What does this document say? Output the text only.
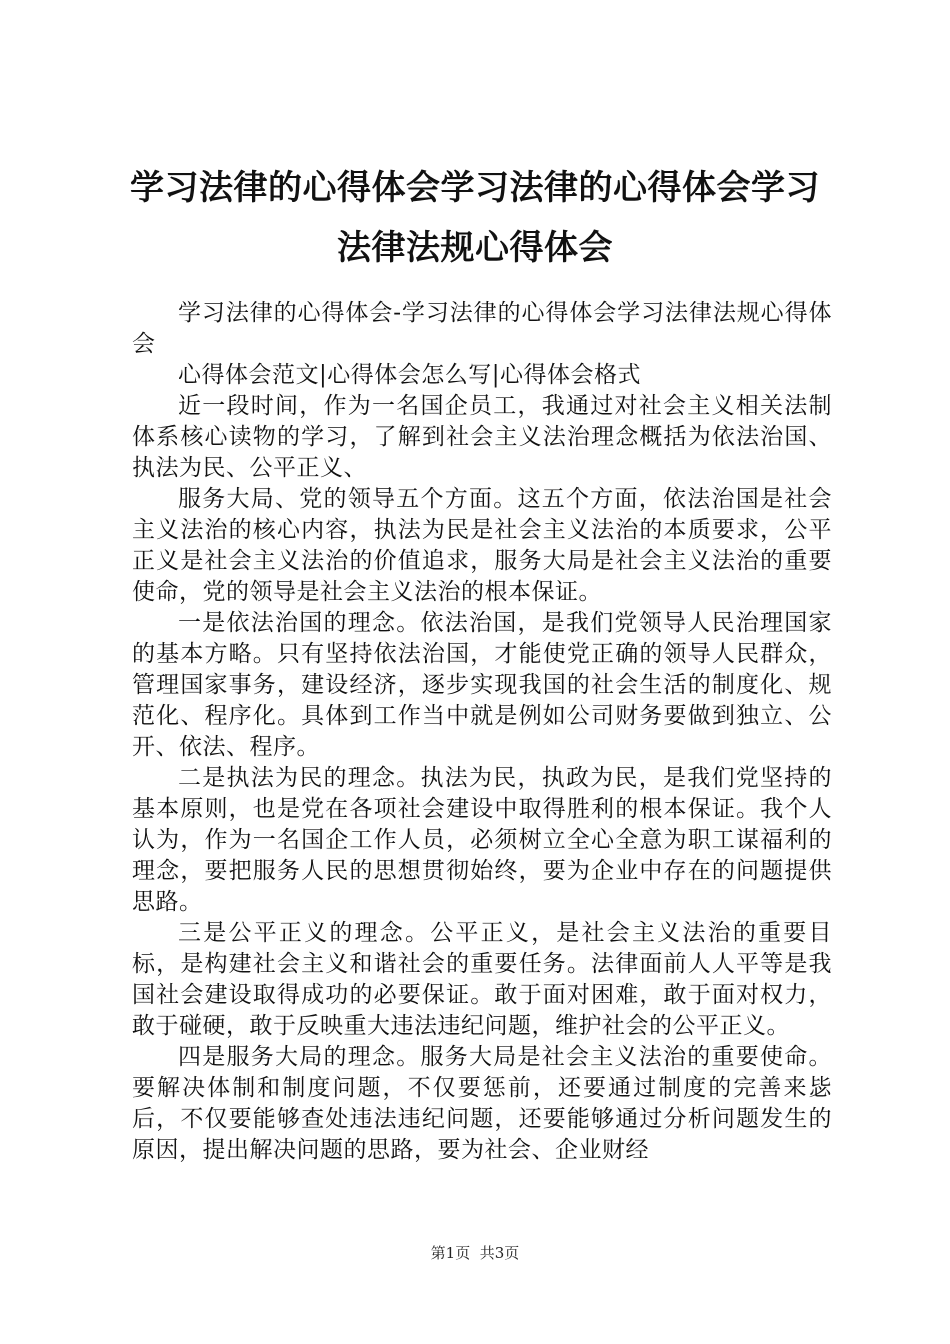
学习法律的心得体会学习法律的心得体会学习法律法规心得体会

学习法律的心得体会-学习法律的心得体会学习法律法规心得体会

心得体会范文|心得体会怎么写|心得体会格式

近一段时间，作为一名国企员工，我通过对社会主义相关法制体系核心读物的学习，了解到社会主义法治理念概括为依法治国、执法为民、公平正义、

服务大局、党的领导五个方面。这五个方面，依法治国是社会主义法治的核心内容，执法为民是社会主义法治的本质要求，公平正义是社会主义法治的价值追求，服务大局是社会主义法治的重要使命，党的领导是社会主义法治的根本保证。

一是依法治国的理念。依法治国，是我们党领导人民治理国家的基本方略。只有坚持依法治国，才能使党正确的领导人民群众，管理国家事务，建设经济，逐步实现我国的社会生活的制度化、规范化、程序化。具体到工作当中就是例如公司财务要做到独立、公开、依法、程序。

二是执法为民的理念。执法为民，执政为民，是我们党坚持的基本原则，也是党在各项社会建设中取得胜利的根本保证。我个人认为，作为一名国企工作人员，必须树立全心全意为职工谋福利的理念，要把服务人民的思想贯彻始终，要为企业中存在的问题提供思路。

三是公平正义的理念。公平正义，是社会主义法治的重要目标，是构建社会主义和谐社会的重要任务。法律面前人人平等是我国社会建设取得成功的必要保证。敢于面对困难，敢于面对权力，敢于碰硬，敢于反映重大违法违纪问题，维护社会的公平正义。

四是服务大局的理念。服务大局是社会主义法治的重要使命。要解决体制和制度问题，不仅要惩前，还要通过制度的完善来毖后，不仅要能够查处违法违纪问题，还要能够通过分析问题发生的原因，提出解决问题的思路，要为社会、企业财经

第1页 共3页
